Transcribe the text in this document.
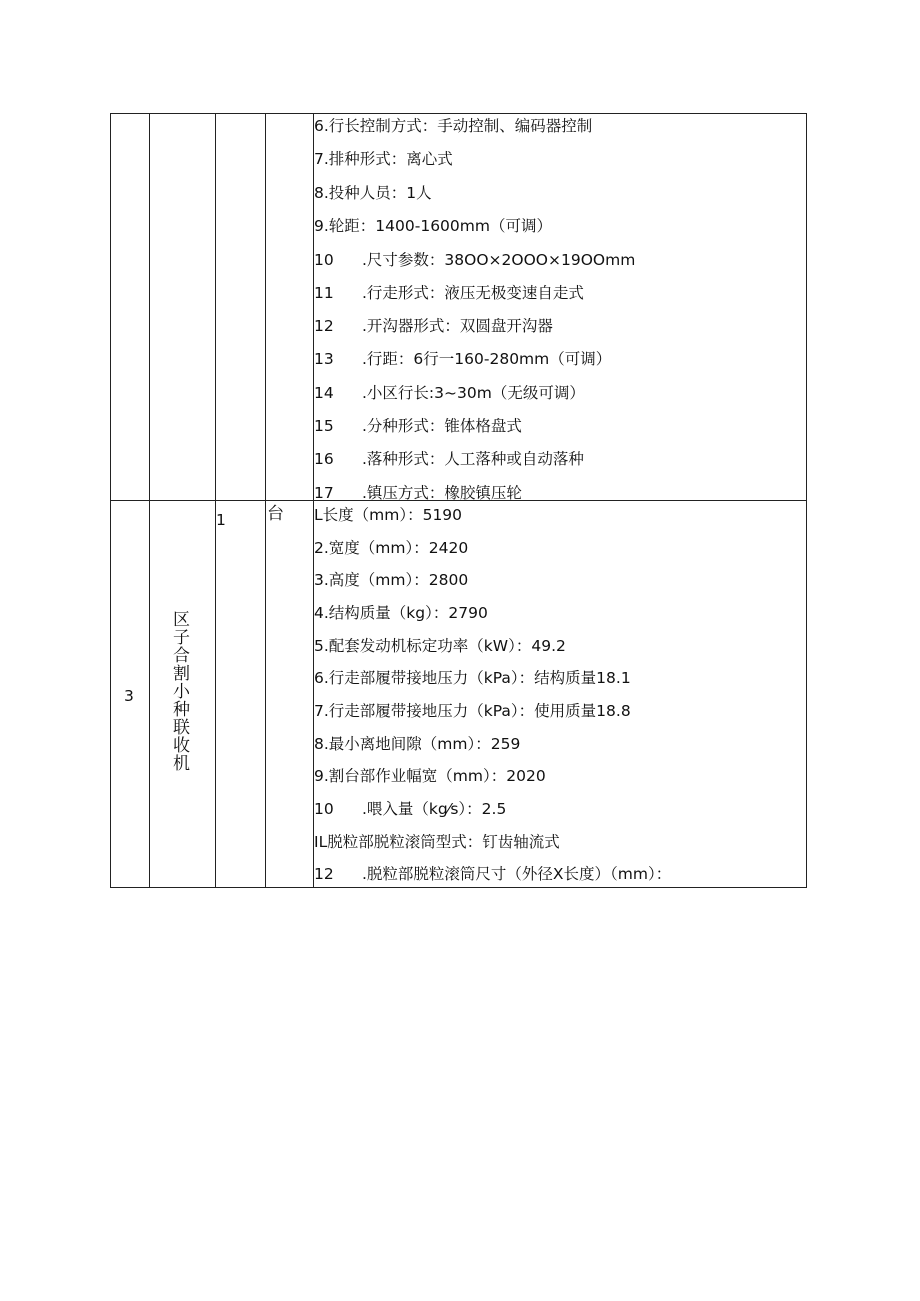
6.行长控制方式：手动控制、编码器控制
7.排种形式：离心式
8.投种人员：1人
9.轮距：1400-1600mm（可调）
10 .尺寸参数：38OO×2OOO×19OOmm
11 .行走形式：液压无极变速自走式
12 .开沟器形式：双圆盘开沟器
13 .行距：6行一160-280mm（可调）
14 .小区行长:3~30m（无级可调）
15 .分种形式：锥体格盘式
16 .落种形式：人工落种或自动落种
17 .镇压方式：橡胶镇压轮
3 区子合割小种联收机
1 台 L长度（mm）：5190
2.宽度（mm）：2420
3.高度（mm）：2800
4.结构质量（kg）：2790
5.配套发动机标定功率（kW）：49.2
6.行走部履带接地压力（kPa）：结构质量18.1
7.行走部履带接地压力（kPa）：使用质量18.8
8.最小离地间隙（mm）：259
9.割台部作业幅宽（mm）：2020
10 .喂入量（kg⁄s）：2.5
IL脱粒部脱粒滚筒型式：钉齿轴流式
12 .脱粒部脱粒滚筒尺寸（外径X长度）（mm）：
